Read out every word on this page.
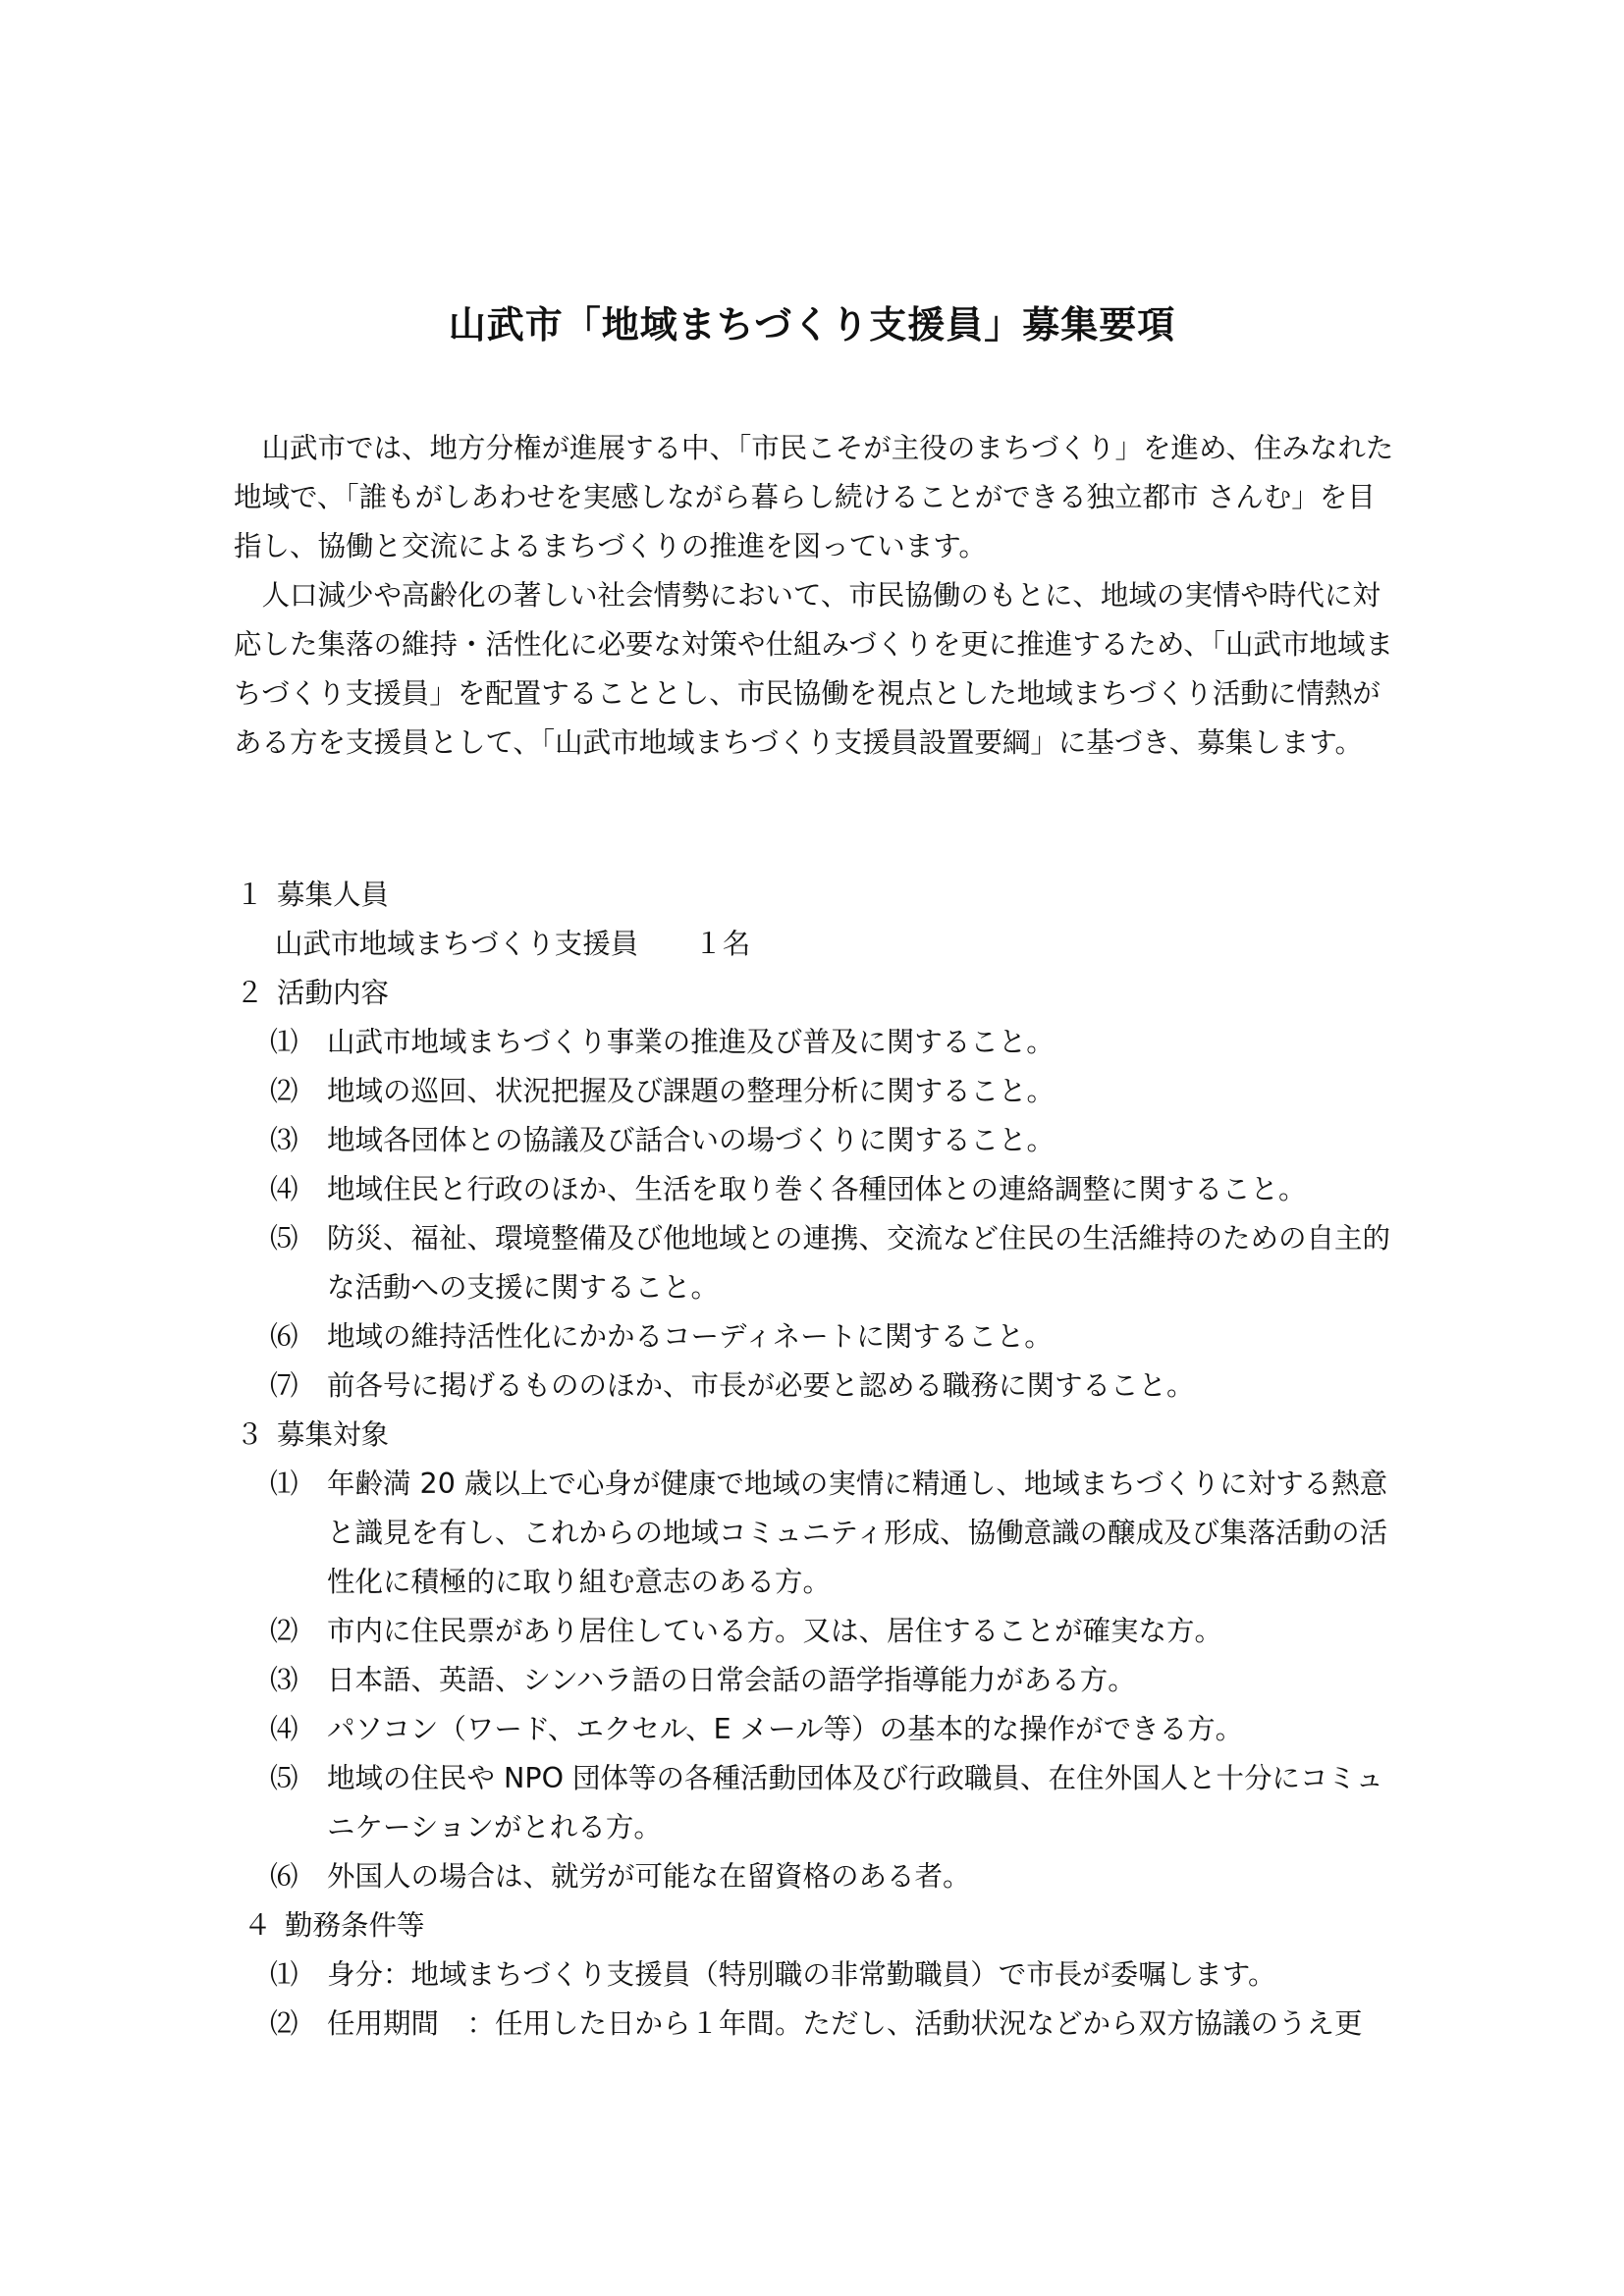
山武市「地域まちづくり支援員」募集要項

山武市では、地方分権が進展する中、「市民こそが主役のまちづくり」を進め、住みなれた地域で、「誰もがしあわせを実感しながら暮らし続けることができる独立都市 さんむ」を目指し、協働と交流によるまちづくりの推進を図っています。

人口減少や高齢化の著しい社会情勢において、市民協働のもとに、地域の実情や時代に対応した集落の維持・活性化に必要な対策や仕組みづくりを更に推進するため、「山武市地域まちづくり支援員」を配置することとし、市民協働を視点とした地域まちづくり活動に情熱がある方を支援員として、「山武市地域まちづくり支援員設置要綱」に基づき、募集します。

１ 募集人員
山武市地域まちづくり支援員　　１名
２ 活動内容
⑴	山武市地域まちづくり事業の推進及び普及に関すること。
⑵	地域の巡回、状況把握及び課題の整理分析に関すること。
⑶	地域各団体との協議及び話合いの場づくりに関すること。
⑷	地域住民と行政のほか、生活を取り巻く各種団体との連絡調整に関すること。
⑸	防災、福祉、環境整備及び他地域との連携、交流など住民の生活維持のための自主的な活動への支援に関すること。
⑹	地域の維持活性化にかかるコーディネートに関すること。
⑺	前各号に掲げるもののほか、市長が必要と認める職務に関すること。
３ 募集対象
⑴	年齢満 20 歳以上で心身が健康で地域の実情に精通し、地域まちづくりに対する熱意と識見を有し、これからの地域コミュニティ形成、協働意識の醸成及び集落活動の活性化に積極的に取り組む意志のある方。
⑵	市内に住民票があり居住している方。又は、居住することが確実な方。
⑶	日本語、英語、シンハラ語の日常会話の語学指導能力がある方。
⑷	パソコン（ワード、エクセル、E メール等）の基本的な操作ができる方。
⑸	地域の住民や NPO 団体等の各種活動団体及び行政職員、在住外国人と十分にコミュニケーションがとれる方。
⑹	外国人の場合は、就労が可能な在留資格のある者。
４ 勤務条件等
⑴	身分：地域まちづくり支援員（特別職の非常勤職員）で市長が委嘱します。
⑵	任用期間　：任用した日から１年間。ただし、活動状況などから双方協議のうえ更
